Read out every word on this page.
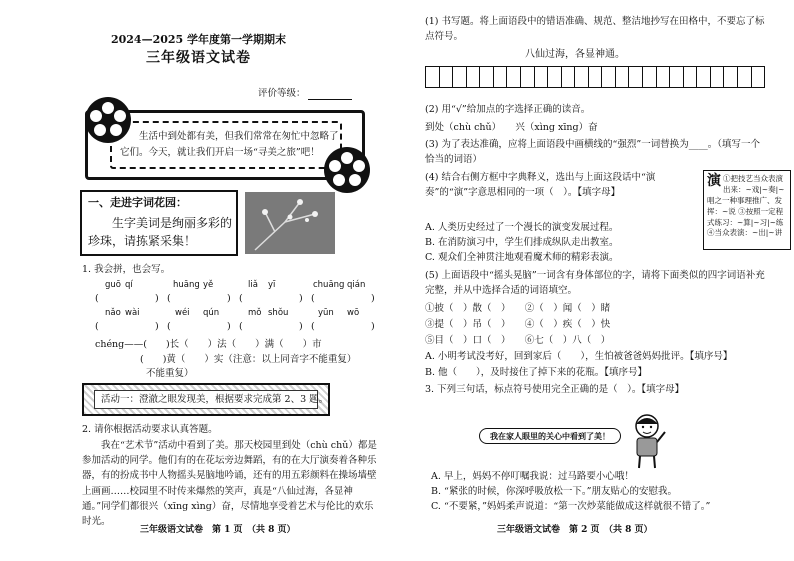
2024—2025 学年度第一学期期末
三年级语文试卷
评价等级：
生活中到处都有美，但我们常常在匆忙中忽略了它们。今天，就让我们开启一场“寻美之旅”吧！
一、走进字词花园：
生字美词是绚丽多彩的珍珠，请拣紧采集！
1. 我会拼，也会写。
guō qí	huāng yě	liǎ yī	chuāng qián
(	) (	) (	) (	)
nǎo wài	wéi qún	mǒ shǒu	yūn wō
(	) (	) (	) (	)
chéng——(　　)长（　　）法（　　）满（　　）市
(　　)黄（　　）实（注意：以上同音字不能重复）
不能重复）
活动一：澄澈之眼发现美，根据要求完成第 2、3 题。
2. 请你根据活动要求认真答题。
我在“艺术节”活动中看到了美。那天校园里到处（chù chǔ）都是参加活动的同学。他们有的在花坛旁边舞蹈，有的在大厅演奏着各种乐器，有的扮成书中人物摇头晃脑地吟诵，还有的用五彩颜料在操场墙壁上画画……校园里不时传来爆然的笑声，真是“八仙过海，各显神通。”同学们都很兴（xīng xìng）奋，尽情地享受着艺术与伦比的欢乐时光。
三年级语文试卷　第 1 页　（共 8 页）
(1) 书写题。将上面语段中的错语准确、规范、整洁地抄写在田格中，不要忘了标点符号。
八仙过海，各显神通。
(2) 用“√”给加点的字选择正确的读音。
到处（chù chǔ）　　兴（xìng xīng）奋
(3) 为了表达准确，应将上面语段中画横线的“强烈”一词替换为____。（填写一个恰当的词语）
(4) 结合右侧方框中字典释义，选出与上面这段话中“演奏”的“演”字意思相同的一项（　）。【填字母】
A. 人类历史经过了一个漫长的演变发展过程。
B. 在消防演习中，学生们排成纵队走出教室。
C. 观众们全神贯注地观看魔术师的精彩表演。
演 ①把技艺当众表演出来：~戏|~奏|~唱之一种事理推广、发挥：~说 ③按照一定程式练习：~算|~习|~练 ④当众表演：~出|~讲
(5) 上面语段中“摇头晃脑”一词含有身体部位的字，请将下面类似的四字词语补充完整，并从中选择合适的词语填空。
①披（　）散（　）　　②（　）闻（　）睹
③提（　）吊（　）　　④（　）疾（　）快
⑤目（　）口（　）　　⑥七（　）八（　）
A. 小明考试没考好，回到家后（　　），生怕被爸爸妈妈批评。【填序号】
B. 他（　　），及时接住了掉下来的花瓶。【填序号】
3. 下列三句话，标点符号使用完全正确的是（　）。【填字母】
我在家人眼里的关心中看到了美！
A. 早上，妈妈不停叮嘱我说：过马路要小心哦！
B. “紧张的时候，你深呼吸放松一下。”朋友贴心的安慰我。
C. “不要紧，”妈妈柔声说道：“第一次炒菜能做成这样就很不错了。”
三年级语文试卷　第 2 页　（共 8 页）
